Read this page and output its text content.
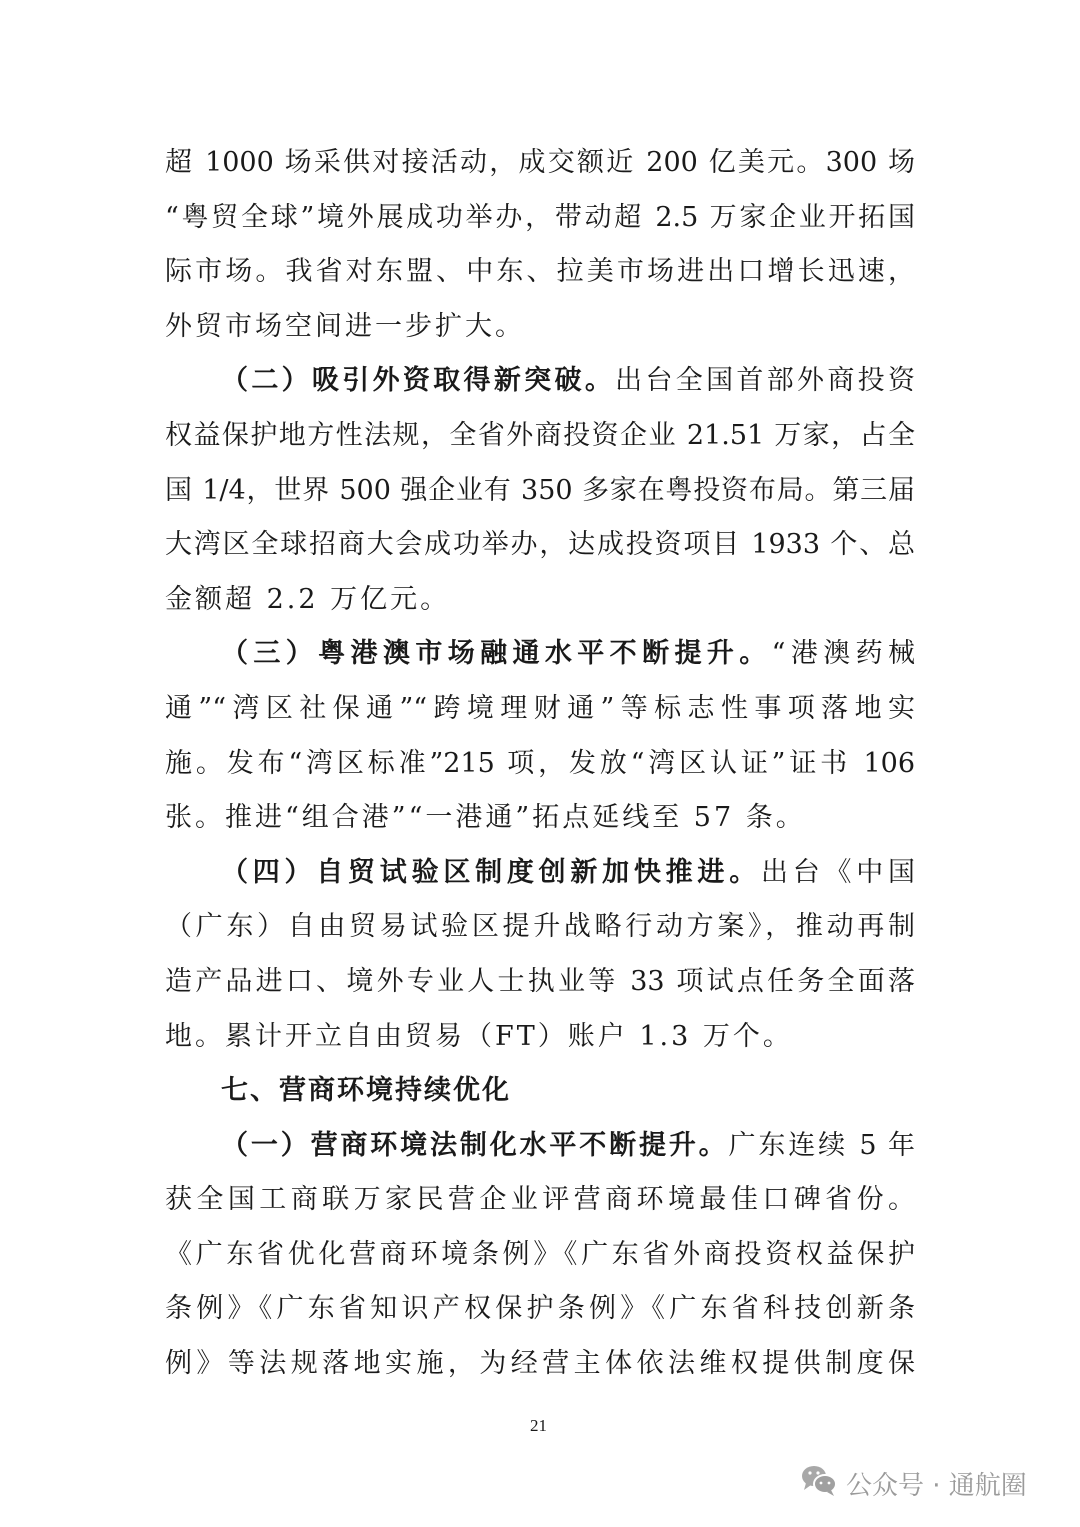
超 1000 场采供对接活动，成交额近 200 亿美元。300 场
“粤贸全球”境外展成功举办，带动超 2.5 万家企业开拓国
际市场。我省对东盟、中东、拉美市场进出口增长迅速，
外贸市场空间进一步扩大。
（二）吸引外资取得新突破。出台全国首部外商投资
权益保护地方性法规，全省外商投资企业 21.51 万家，占全
国 1/4，世界 500 强企业有 350 多家在粤投资布局。第三届
大湾区全球招商大会成功举办，达成投资项目 1933 个、总
金额超 2.2 万亿元。
（三）粤港澳市场融通水平不断提升。“港澳药械
通”“湾区社保通”“跨境理财通”等标志性事项落地实
施。发布“湾区标准”215 项，发放“湾区认证”证书 106
张。推进“组合港”“一港通”拓点延线至 57 条。
（四）自贸试验区制度创新加快推进。出台《中国
（广东）自由贸易试验区提升战略行动方案》，推动再制
造产品进口、境外专业人士执业等 33 项试点任务全面落
地。累计开立自由贸易（FT）账户 1.3 万个。
七、营商环境持续优化
（一）营商环境法制化水平不断提升。广东连续 5 年
获全国工商联万家民营企业评营商环境最佳口碑省份。
《广东省优化营商环境条例》《广东省外商投资权益保护
条例》《广东省知识产权保护条例》《广东省科技创新条
例》等法规落地实施，为经营主体依法维权提供制度保
21
公众号 · 通航圈
